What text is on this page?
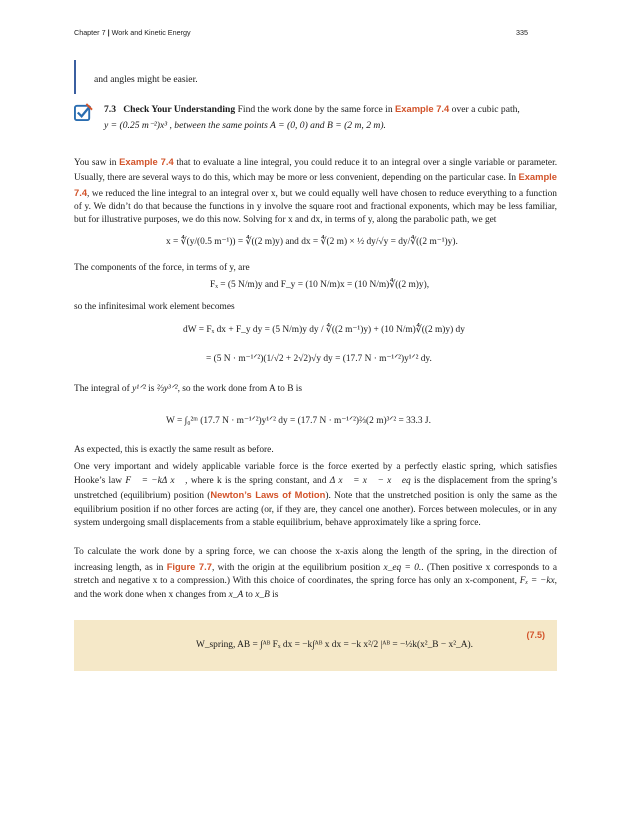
Chapter 7 | Work and Kinetic Energy	335
and angles might be easier.
7.3 Check Your Understanding Find the work done by the same force in Example 7.4 over a cubic path,
y = (0.25 m⁻²)x³ , between the same points A = (0, 0) and B = (2 m, 2 m).

You saw in Example 7.4 that to evaluate a line integral, you could reduce it to an integral over a single variable or parameter. Usually, there are several ways to do this, which may be more or less convenient, depending on the particular case. In Example 7.4, we reduced the line integral to an integral over x, but we could equally well have chosen to reduce everything to a function of y. We didn’t do that because the functions in y involve the square root and fractional exponents, which may be less familiar, but for illustrative purposes, we do this now. Solving for x and dx, in terms of y, along the parabolic path, we get

x = ∜(y/(0.5 m⁻¹)) = ∜((2 m)y) and dx = ∜(2 m) × ½ dy/√y = dy/∜((2 m⁻¹)y).

The components of the force, in terms of y, are

Fₓ = (5 N/m)y and F_y = (10 N/m)x = (10 N/m)∜((2 m)y),

so the infinitesimal work element becomes

dW = Fₓ dx + F_y dy = (5 N/m)y dy / ∜((2 m⁻¹)y) + (10 N/m)∜((2 m)y) dy
= (5 N · m⁻¹ᐟ²)(1/√2 + 2√2)√y dy = (17.7 N · m⁻¹ᐟ²)y¹ᐟ² dy.

The integral of y¹ᐟ² is ⅔y³ᐟ², so the work done from A to B is

W = ∫₀²ᵐ (17.7 N · m⁻¹ᐟ²)y¹ᐟ² dy = (17.7 N · m⁻¹ᐟ²)⅔(2 m)³ᐟ² = 33.3 J.

As expected, this is exactly the same result as before.

One very important and widely applicable variable force is the force exerted by a perfectly elastic spring, which satisfies Hooke’s law F⃗ = −kΔ x⃗ , where k is the spring constant, and Δ x⃗ = x⃗ − x⃗ eq is the displacement from the spring’s unstretched (equilibrium) position (Newton’s Laws of Motion). Note that the unstretched position is only the same as the equilibrium position if no other forces are acting (or, if they are, they cancel one another). Forces between molecules, or in any system undergoing small displacements from a stable equilibrium, behave approximately like a spring force.

To calculate the work done by a spring force, we can choose the x-axis along the length of the spring, in the direction of increasing length, as in Figure 7.7, with the origin at the equilibrium position x_eq = 0.. (Then positive x corresponds to a stretch and negative x to a compression.) With this choice of coordinates, the spring force has only an x-component, Fₓ = −kx, and the work done when x changes from x_A to x_B is

W_spring, AB = ∫ᴬᴮ Fₓ dx = −k∫ᴬᴮ x dx = −k x²/2 |ᴬᴮ = −½k(x²_B − x²_A).
(7.5)
